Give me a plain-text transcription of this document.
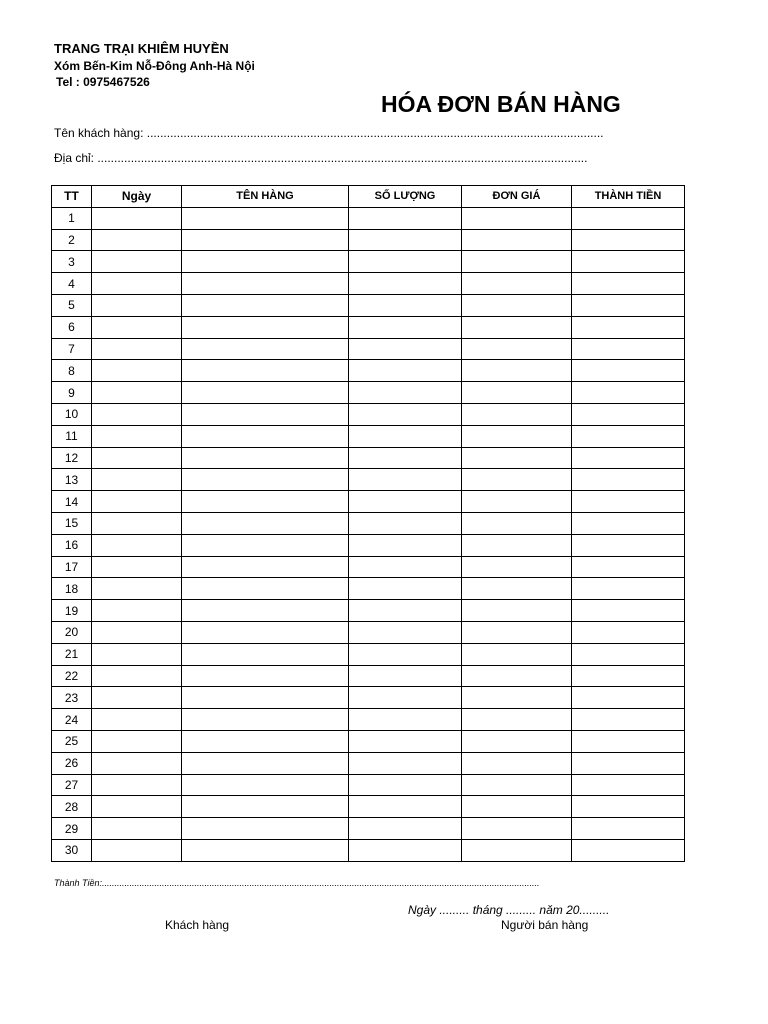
TRANG TRẠI KHIÊM HUYỀN
Xóm Bến-Kim Nỗ-Đông Anh-Hà Nội
Tel : 0975467526
HÓA ĐƠN BÁN HÀNG
Tên khách hàng: .........................................................................................................................................
Địa chỉ: ...................................................................................................................................................
TT	Ngày	TÊN HÀNG	SỐ LƯỢNG	ĐƠN GIÁ	THÀNH TIỀN
1					
2					
3					
4					
5					
6					
7					
8					
9					
10					
11					
12					
13					
14					
15					
16					
17					
18					
19					
20					
21					
22					
23					
24					
25					
26					
27					
28					
29					
30					
Thành Tiền:...............................................................................................................................................................................
Ngày ......... tháng ......... năm 20.........
Khách hàng	Người bán hàng
